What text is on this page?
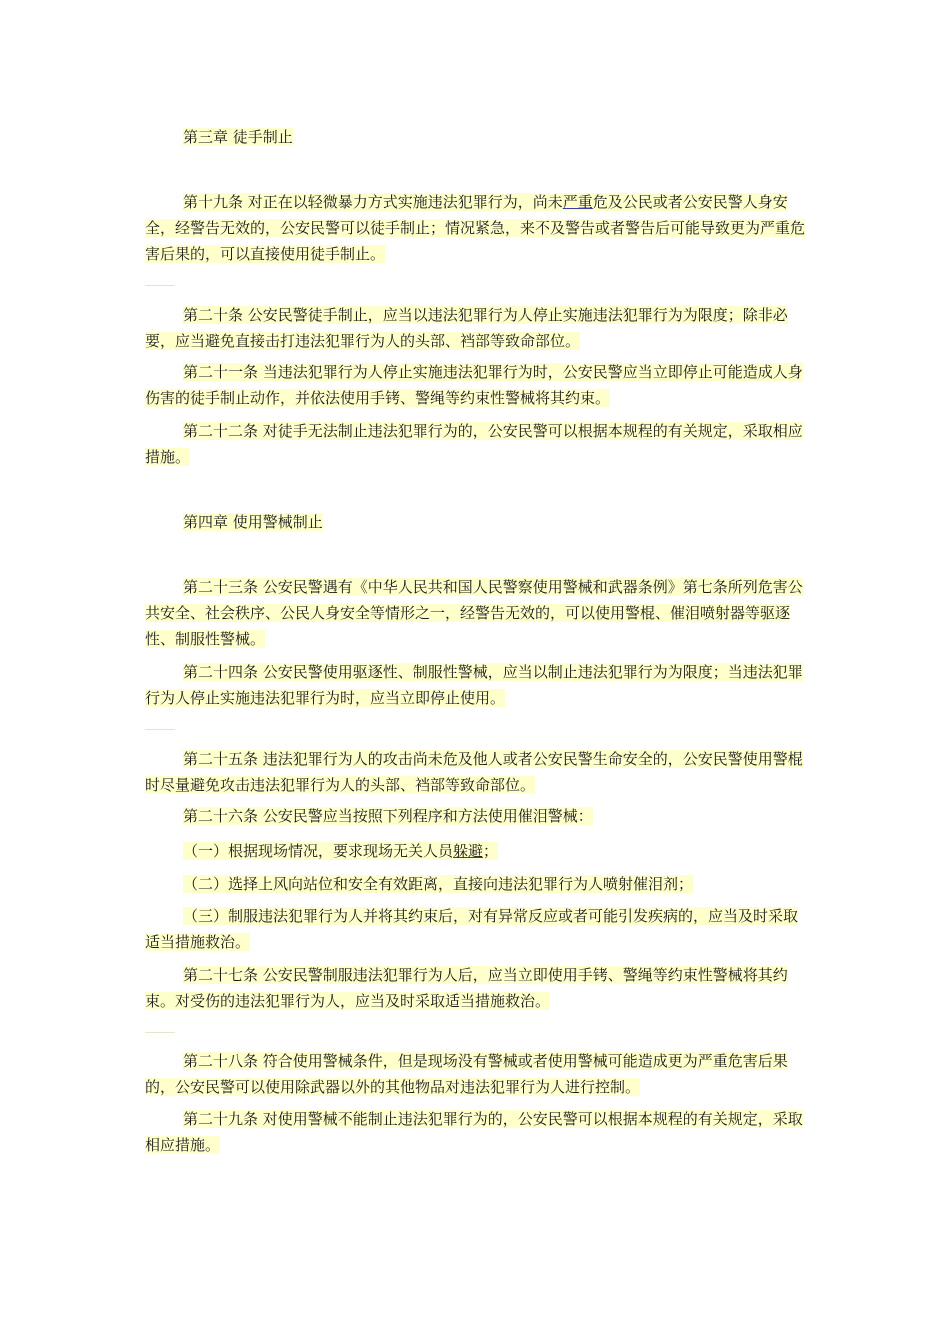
第三章 徒手制止

第十九条 对正在以轻微暴力方式实施违法犯罪行为，尚未严重危及公民或者公安民警人身安全，经警告无效的，公安民警可以徒手制止；情况紧急，来不及警告或者警告后可能导致更为严重危害后果的，可以直接使用徒手制止。

第二十条 公安民警徒手制止，应当以违法犯罪行为人停止实施违法犯罪行为为限度；除非必要，应当避免直接击打违法犯罪行为人的头部、裆部等致命部位。

第二十一条 当违法犯罪行为人停止实施违法犯罪行为时，公安民警应当立即停止可能造成人身伤害的徒手制止动作，并依法使用手铐、警绳等约束性警械将其约束。

第二十二条 对徒手无法制止违法犯罪行为的，公安民警可以根据本规程的有关规定，采取相应措施。

第四章 使用警械制止

第二十三条 公安民警遇有《中华人民共和国人民警察使用警械和武器条例》第七条所列危害公共安全、社会秩序、公民人身安全等情形之一，经警告无效的，可以使用警棍、催泪喷射器等驱逐性、制服性警械。

第二十四条 公安民警使用驱逐性、制服性警械，应当以制止违法犯罪行为为限度；当违法犯罪行为人停止实施违法犯罪行为时，应当立即停止使用。

第二十五条 违法犯罪行为人的攻击尚未危及他人或者公安民警生命安全的，公安民警使用警棍时尽量避免攻击违法犯罪行为人的头部、裆部等致命部位。

第二十六条 公安民警应当按照下列程序和方法使用催泪警械：

（一）根据现场情况，要求现场无关人员躲避；

（二）选择上风向站位和安全有效距离，直接向违法犯罪行为人喷射催泪剂；

（三）制服违法犯罪行为人并将其约束后，对有异常反应或者可能引发疾病的，应当及时采取适当措施救治。

第二十七条 公安民警制服违法犯罪行为人后，应当立即使用手铐、警绳等约束性警械将其约束。对受伤的违法犯罪行为人，应当及时采取适当措施救治。

第二十八条 符合使用警械条件，但是现场没有警械或者使用警械可能造成更为严重危害后果的，公安民警可以使用除武器以外的其他物品对违法犯罪行为人进行控制。

第二十九条 对使用警械不能制止违法犯罪行为的，公安民警可以根据本规程的有关规定，采取相应措施。
